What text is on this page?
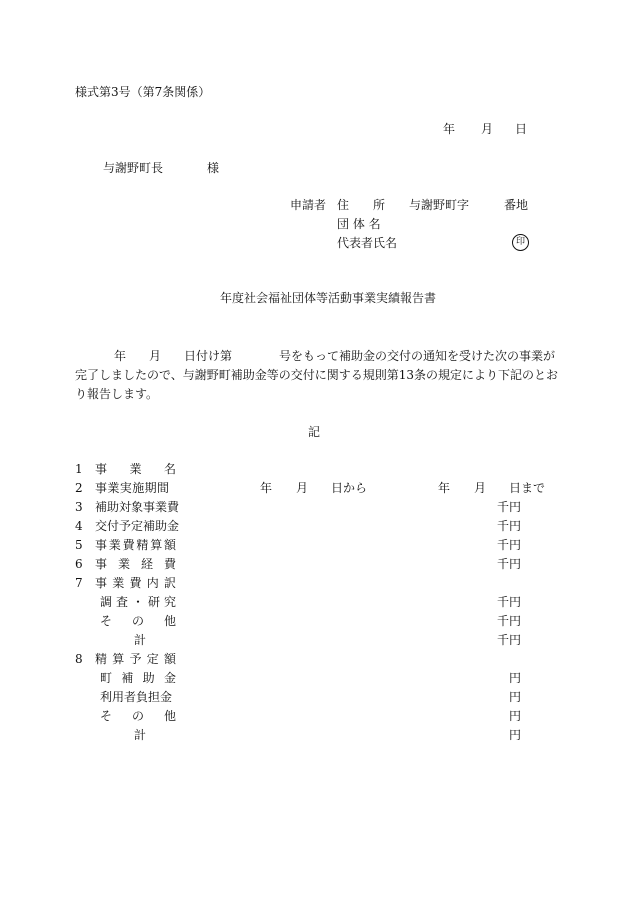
様式第3号（第7条関係）
年 月 日
与謝野町長	様
申請者 住　　所 与謝野町字	番地
団 体 名
代表者氏名	印
年度社会福祉団体等活動事業実績報告書
年 月 日付け第	号をもって補助金の交付の通知を受けた次の事業が
完了しましたので、与謝野町補助金等の交付に関する規則第13条の規定により下記のとお
り報告します。
記
1 事 業 名
2 事業実施期間	年 月 日から	年 月 日まで
3 補助対象事業費	千円
4 交付予定補助金	千円
5 事 業 費 精 算 額	千円
6 事 業 経 費	千円
7 事 業 費 内 訳
調 査 ・ 研 究	千円
そ の 他	千円
計	千円
8 精 算 予 定 額
町 補 助 金	円
利用者負担金	円
そ の 他	円
計	円
